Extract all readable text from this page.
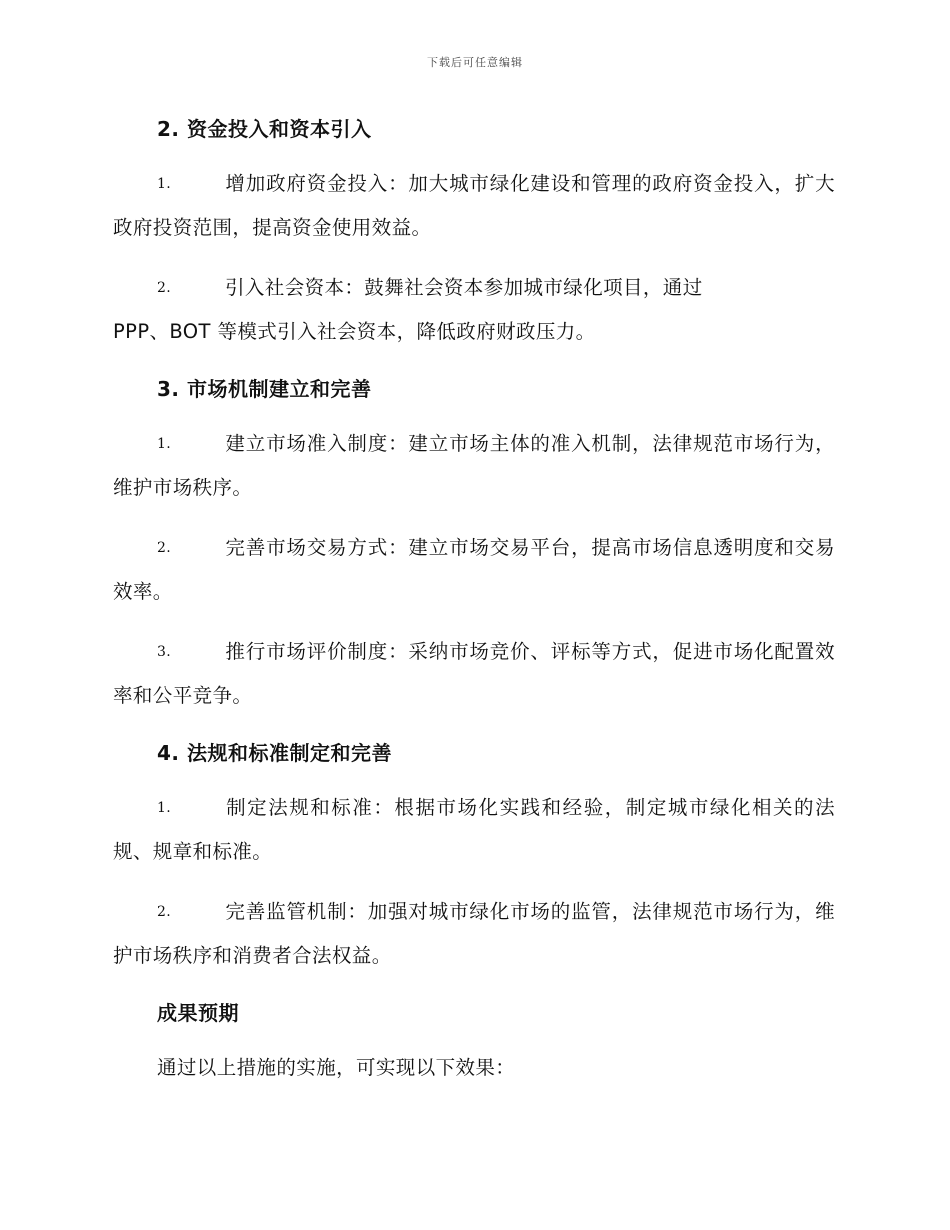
下载后可任意编辑
2. 资金投入和资本引入

1.	增加政府资金投入：加大城市绿化建设和管理的政府资金投入，扩大政府投资范围，提高资金使用效益。

2.	引入社会资本：鼓舞社会资本参加城市绿化项目，通过
PPP、BOT 等模式引入社会资本，降低政府财政压力。

3. 市场机制建立和完善

1.	建立市场准入制度：建立市场主体的准入机制，法律规范市场行为，维护市场秩序。

2.	完善市场交易方式：建立市场交易平台，提高市场信息透明度和交易效率。

3.	推行市场评价制度：采纳市场竞价、评标等方式，促进市场化配置效率和公平竞争。

4. 法规和标准制定和完善

1.	制定法规和标准：根据市场化实践和经验，制定城市绿化相关的法规、规章和标准。

2.	完善监管机制：加强对城市绿化市场的监管，法律规范市场行为，维护市场秩序和消费者合法权益。

成果预期

通过以上措施的实施，可实现以下效果：
